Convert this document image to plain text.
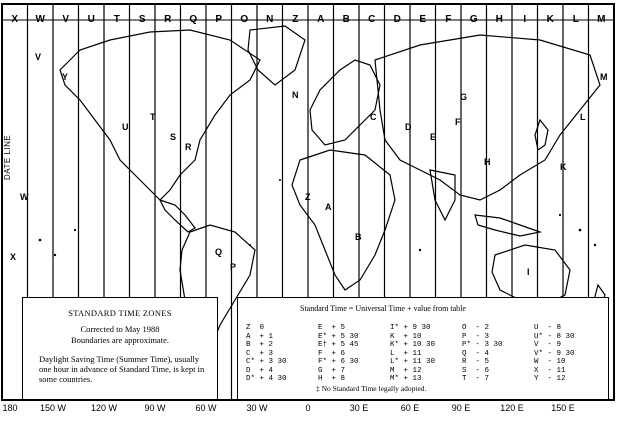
Y
U
T
S
R
Q
P
N
Z
A
B
C
D
E
F
G
H
I
K
L
M
V
W
X
X	W	V	U	T	S	R	Q	P	O	N	Z	A	B	C	D	E	F	G	H	I	K	L	M
180	150 W	120 W	90 W	60 W	30 W	0	30 E	60 E	90 E	120 E	150 E
DATE LINE
STANDARD TIME ZONES
Corrected to May 1988
Boundaries are approximate.
Daylight Saving Time (Summer Time), usually one hour in advance of Standard Time, is kept in some countries.
Standard Time = Universal Time + value from table
Z  0
A  + 1
B  + 2
C  + 3
C* + 3 30
D  + 4
D* + 4 30
E  + 5
E* + 5 30
E† + 5 45
F  + 6
F* + 6 30
G  + 7
H  + 8
I* + 9 30
K  + 10
K* + 10 30
L  + 11
L* + 11 30
M  + 12
M* + 13
O  - 2
P  - 3
P* - 3 30
Q  - 4
R  - 5
S  - 6
T  - 7
U  - 8
U* - 8 30
V  - 9
V* - 9 30
W  - 10
X  - 11
Y  - 12
‡ No Standard Time legally adopted.
